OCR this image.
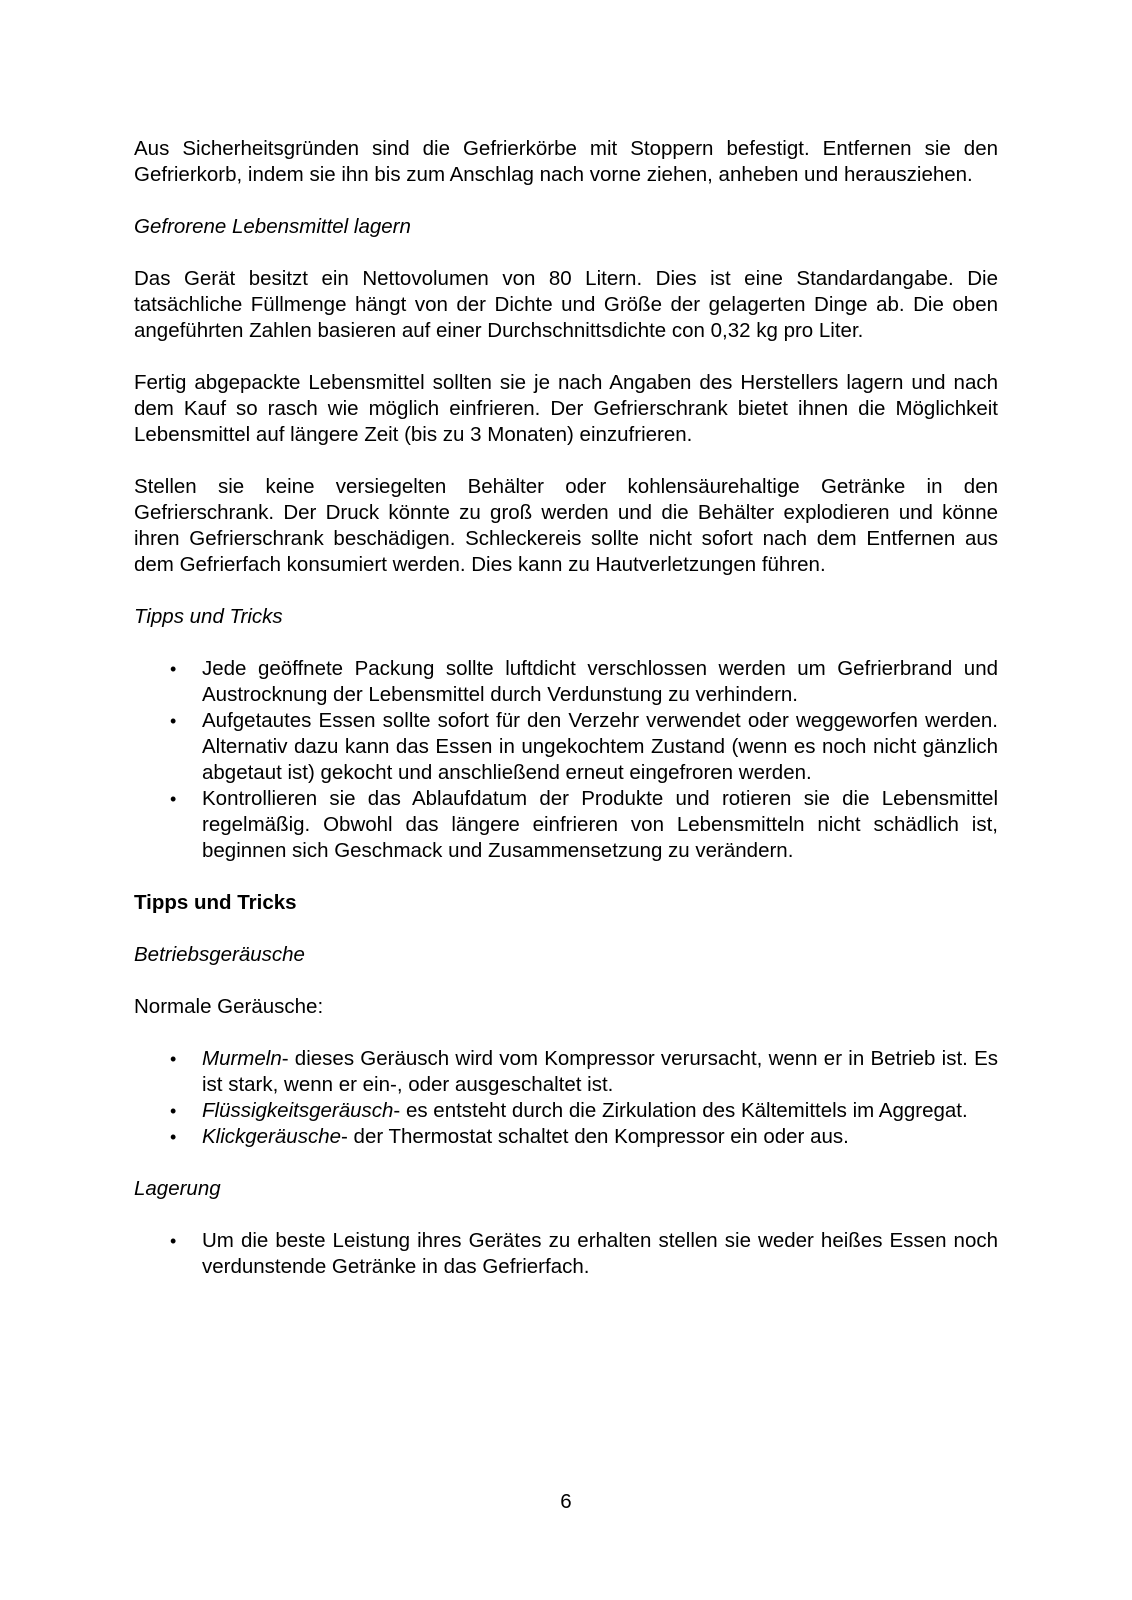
Aus Sicherheitsgründen sind die Gefrierkörbe mit Stoppern befestigt. Entfernen sie den Gefrierkorb, indem sie ihn bis zum Anschlag nach vorne ziehen, anheben und herausziehen.

Gefrorene Lebensmittel lagern

Das Gerät besitzt ein Nettovolumen von 80 Litern. Dies ist eine Standardangabe. Die tatsächliche Füllmenge hängt von der Dichte und Größe der gelagerten Dinge ab. Die oben angeführten Zahlen basieren auf einer Durchschnittsdichte con 0,32 kg pro Liter.

Fertig abgepackte Lebensmittel sollten sie je nach Angaben des Herstellers lagern und nach dem Kauf so rasch wie möglich einfrieren. Der Gefrierschrank bietet ihnen die Möglichkeit Lebensmittel auf längere Zeit (bis zu 3 Monaten) einzufrieren.

Stellen sie keine versiegelten Behälter oder kohlensäurehaltige Getränke in den Gefrierschrank. Der Druck könnte zu groß werden und die Behälter explodieren und könne ihren Gefrierschrank beschädigen. Schleckereis sollte nicht sofort nach dem Entfernen aus dem Gefrierfach konsumiert werden. Dies kann zu Hautverletzungen führen.

Tipps und Tricks

• Jede geöffnete Packung sollte luftdicht verschlossen werden um Gefrierbrand und Austrocknung der Lebensmittel durch Verdunstung zu verhindern.
• Aufgetautes Essen sollte sofort für den Verzehr verwendet oder weggeworfen werden. Alternativ dazu kann das Essen in ungekochtem Zustand (wenn es noch nicht gänzlich abgetaut ist) gekocht und anschließend erneut eingefroren werden.
• Kontrollieren sie das Ablaufdatum der Produkte und rotieren sie die Lebensmittel regelmäßig. Obwohl das längere einfrieren von Lebensmitteln nicht schädlich ist, beginnen sich Geschmack und Zusammensetzung zu verändern.

Tipps und Tricks

Betriebsgeräusche

Normale Geräusche:

• Murmeln- dieses Geräusch wird vom Kompressor verursacht, wenn er in Betrieb ist. Es ist stark, wenn er ein-, oder ausgeschaltet ist.
• Flüssigkeitsgeräusch- es entsteht durch die Zirkulation des Kältemittels im Aggregat.
• Klickgeräusche- der Thermostat schaltet den Kompressor ein oder aus.

Lagerung

• Um die beste Leistung ihres Gerätes zu erhalten stellen sie weder heißes Essen noch verdunstende Getränke in das Gefrierfach.
6
